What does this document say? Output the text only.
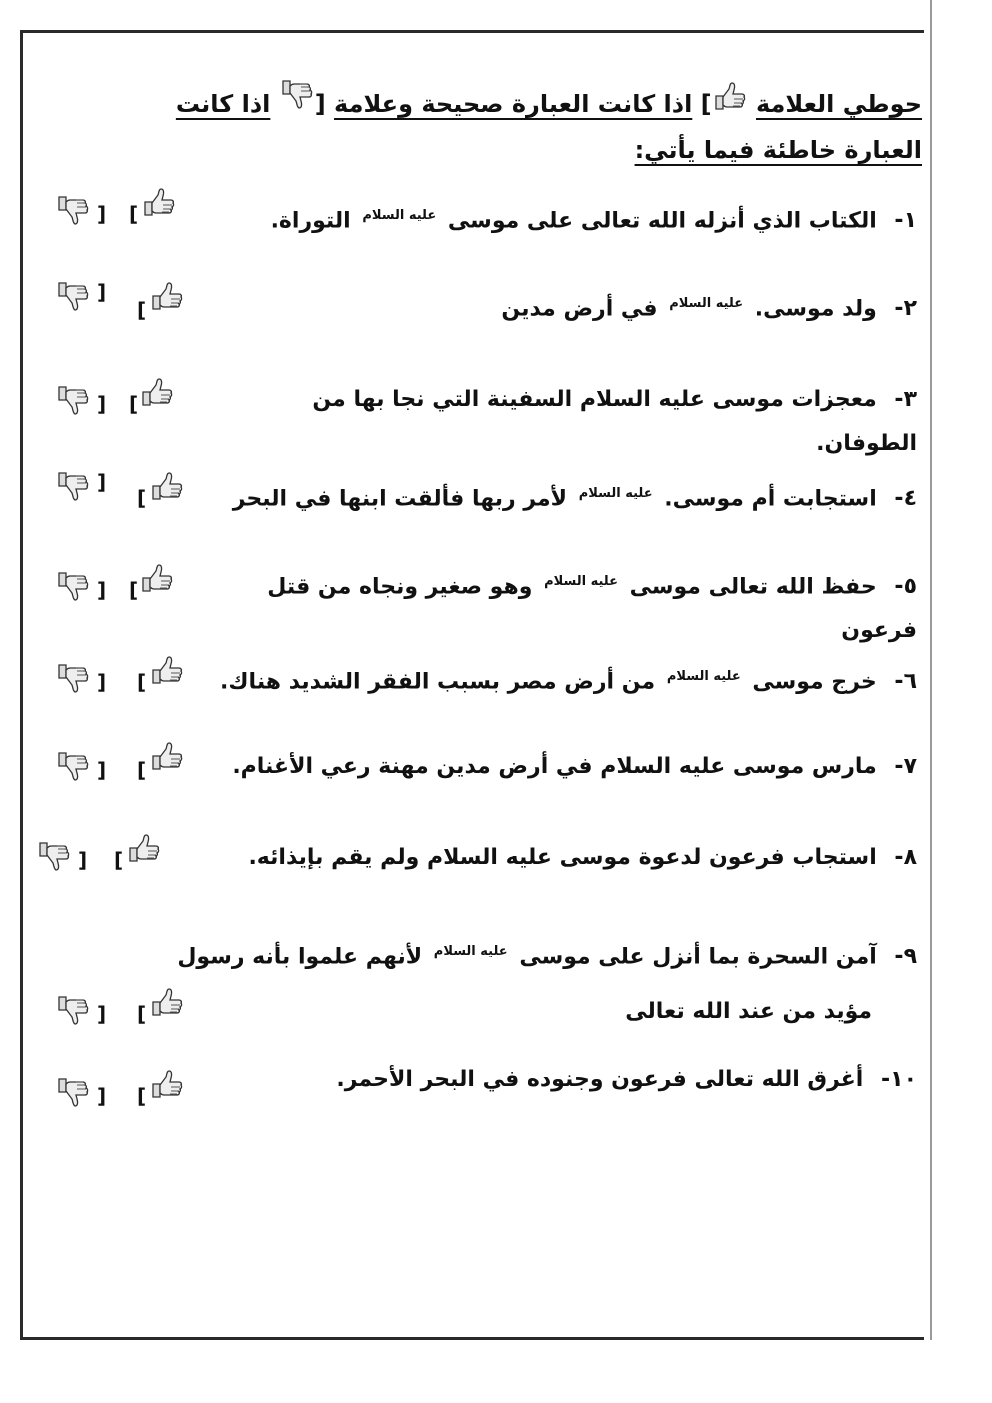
حوطي العلامة
] اذا كانت العبارة صحيحة وعلامة [
اذا كانت
العبارة خاطئة فيما يأتي:
١- الكتاب الذي أنزله الله تعالى على موسى عليه السلام التوراة.
] [
٢- ولد موسى. عليه السلام في أرض مدين
]
[
٣- معجزات موسى عليه السلام السفينة التي نجا بها من
الطوفان.
] [
٤- استجابت أم موسى. عليه السلام لأمر ربها فألقت ابنها في البحر
]
[
٥- حفظ الله تعالى موسى عليه السلام وهو صغير ونجاه من قتل
فرعون
] [
٦- خرج موسى عليه السلام من أرض مصر بسبب الفقر الشديد هناك.
] [
٧- مارس موسى عليه السلام في أرض مدين مهنة رعي الأغنام.
] [
٨- استجاب فرعون لدعوة موسى عليه السلام ولم يقم بإيذائه.
] [
٩- آمن السحرة بما أنزل على موسى عليه السلام لأنهم علموا بأنه رسول
مؤيد من عند الله تعالى
] [
١٠- أغرق الله تعالى فرعون وجنوده في البحر الأحمر.
] [
